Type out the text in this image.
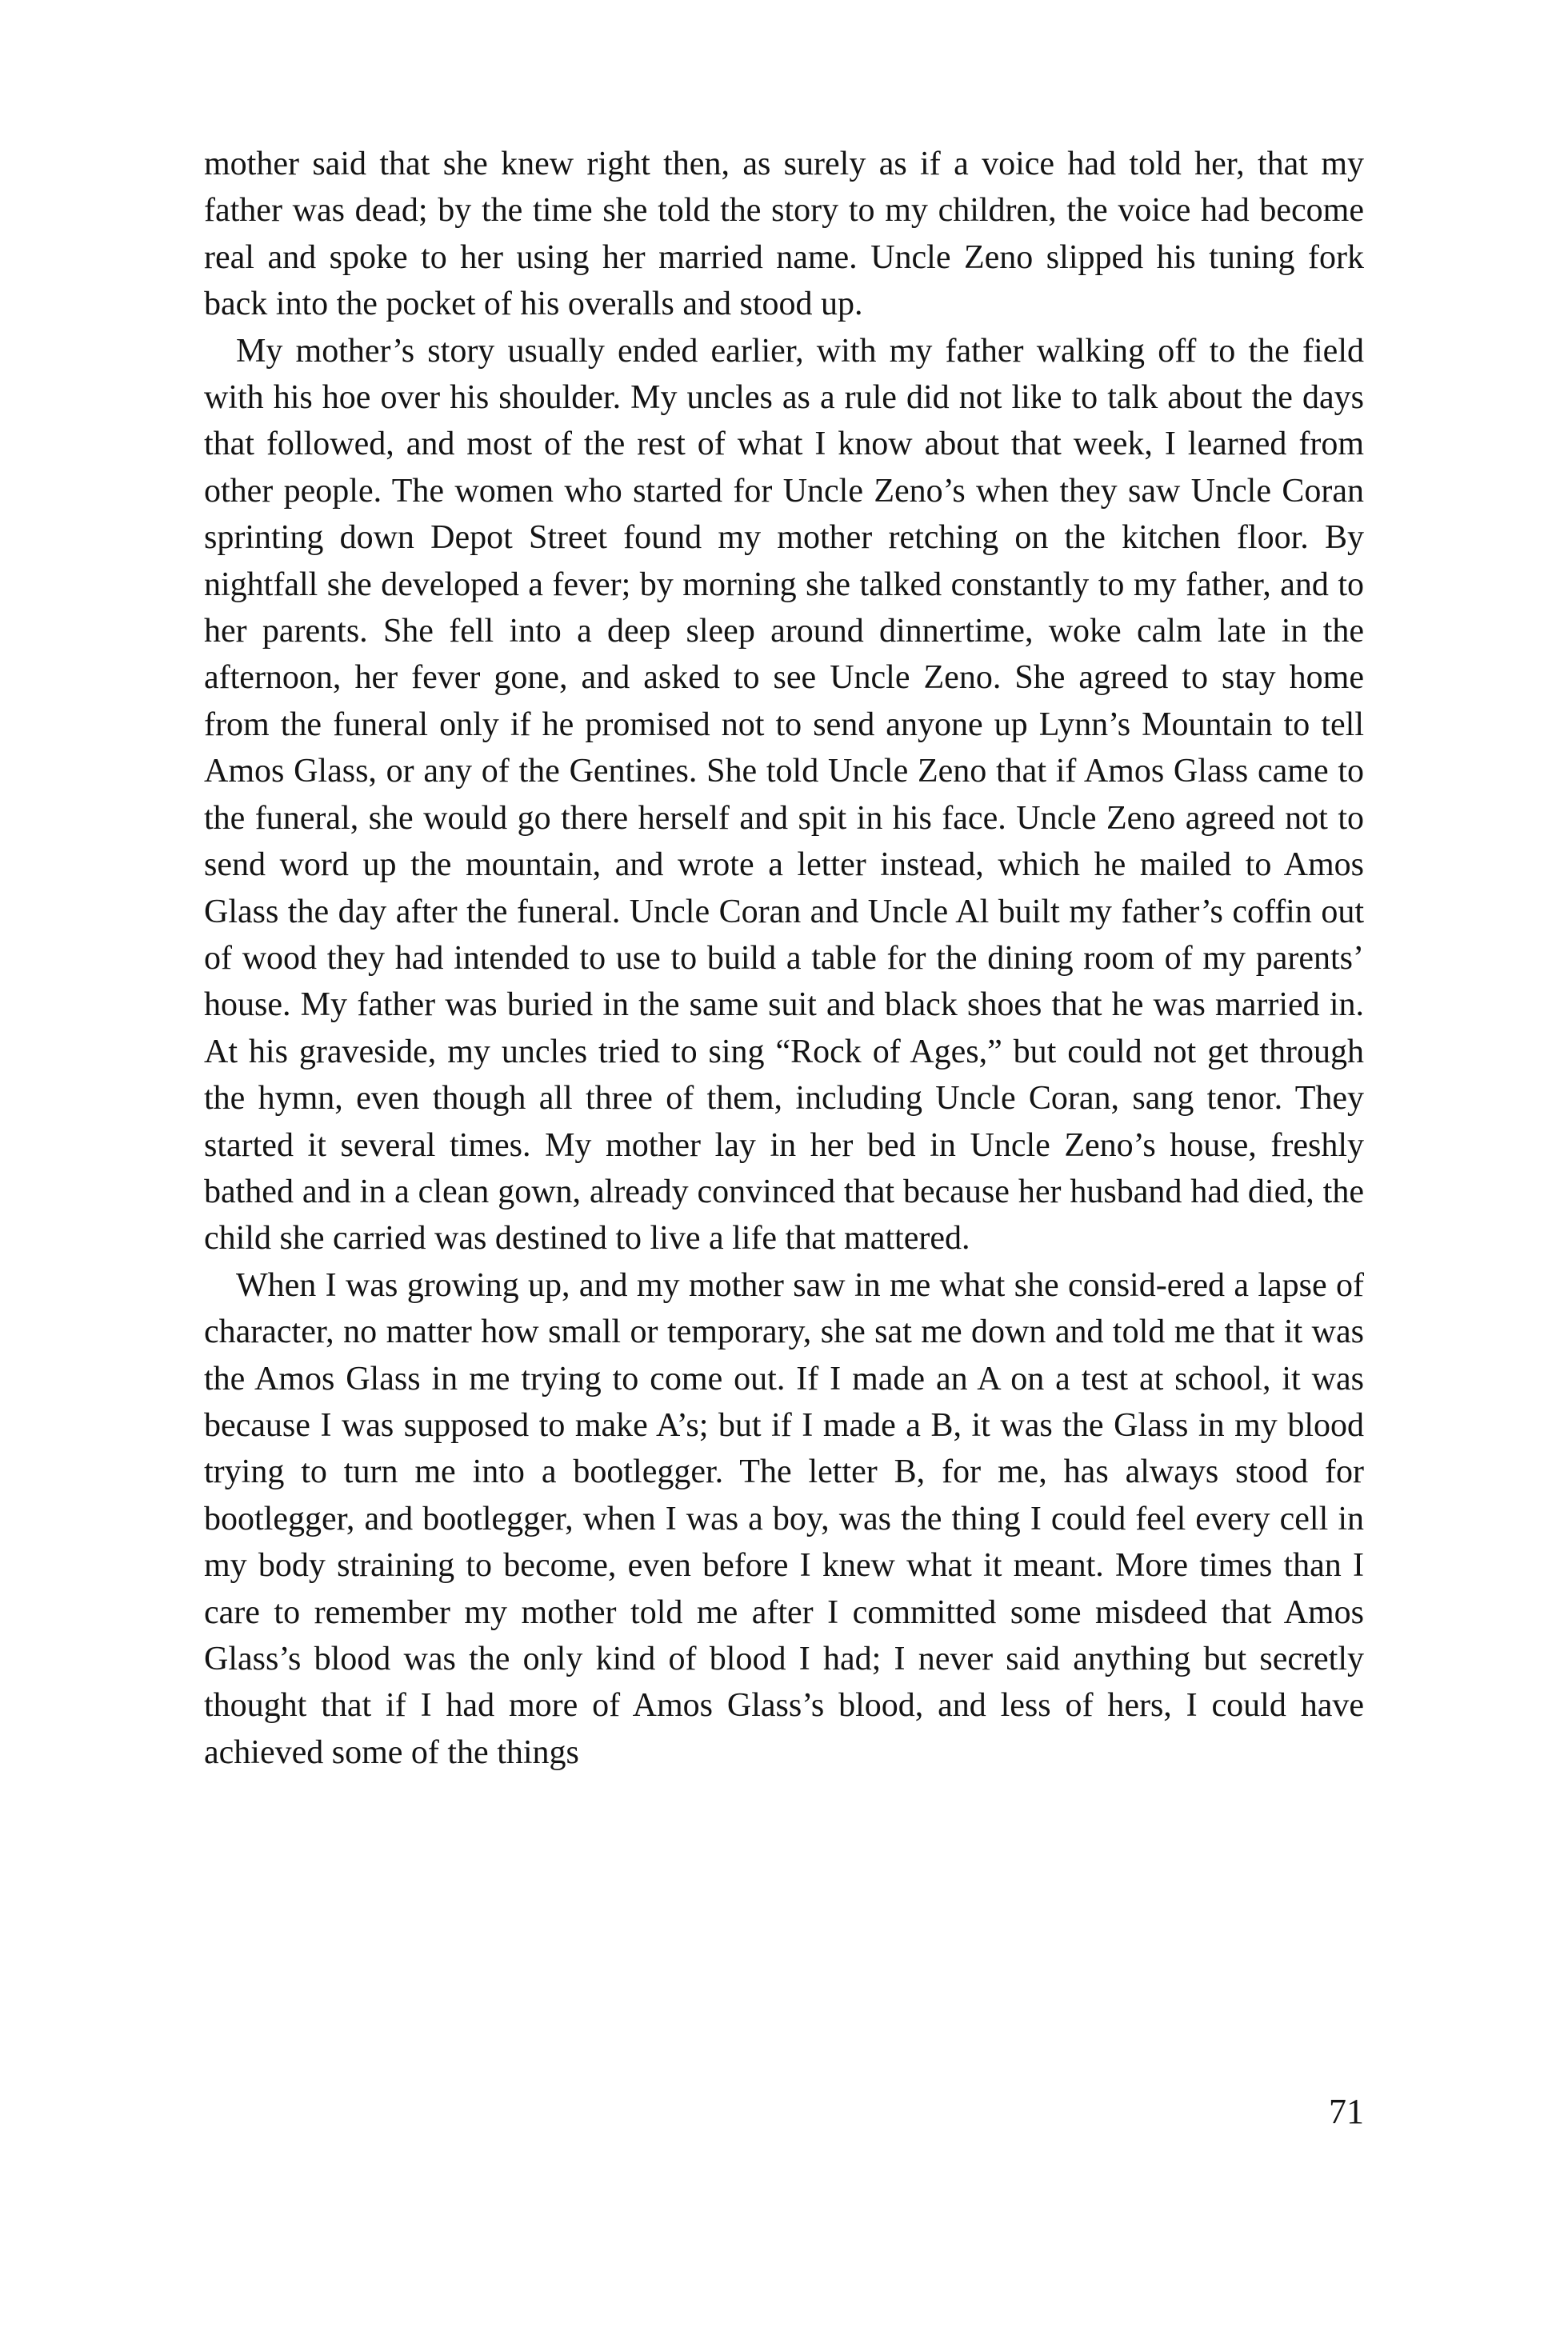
mother said that she knew right then, as surely as if a voice had told her, that my father was dead; by the time she told the story to my children, the voice had become real and spoke to her using her married name. Uncle Zeno slipped his tuning fork back into the pocket of his overalls and stood up.

My mother’s story usually ended earlier, with my father walking off to the field with his hoe over his shoulder. My uncles as a rule did not like to talk about the days that followed, and most of the rest of what I know about that week, I learned from other people. The women who started for Uncle Zeno’s when they saw Uncle Coran sprinting down Depot Street found my mother retching on the kitchen floor. By nightfall she developed a fever; by morning she talked constantly to my father, and to her parents. She fell into a deep sleep around dinnertime, woke calm late in the afternoon, her fever gone, and asked to see Uncle Zeno. She agreed to stay home from the funeral only if he promised not to send anyone up Lynn’s Mountain to tell Amos Glass, or any of the Gentines. She told Uncle Zeno that if Amos Glass came to the funeral, she would go there herself and spit in his face. Uncle Zeno agreed not to send word up the mountain, and wrote a letter instead, which he mailed to Amos Glass the day after the funeral. Uncle Coran and Uncle Al built my father’s coffin out of wood they had intended to use to build a table for the dining room of my parents’ house. My father was buried in the same suit and black shoes that he was married in. At his graveside, my uncles tried to sing “Rock of Ages,” but could not get through the hymn, even though all three of them, including Uncle Coran, sang tenor. They started it several times. My mother lay in her bed in Uncle Zeno’s house, freshly bathed and in a clean gown, already convinced that because her husband had died, the child she carried was destined to live a life that mattered.

When I was growing up, and my mother saw in me what she consid-ered a lapse of character, no matter how small or temporary, she sat me down and told me that it was the Amos Glass in me trying to come out. If I made an A on a test at school, it was because I was supposed to make A’s; but if I made a B, it was the Glass in my blood trying to turn me into a bootlegger. The letter B, for me, has always stood for bootlegger, and bootlegger, when I was a boy, was the thing I could feel every cell in my body straining to become, even before I knew what it meant. More times than I care to remember my mother told me after I committed some misdeed that Amos Glass’s blood was the only kind of blood I had; I never said anything but secretly thought that if I had more of Amos Glass’s blood, and less of hers, I could have achieved some of the things

71
